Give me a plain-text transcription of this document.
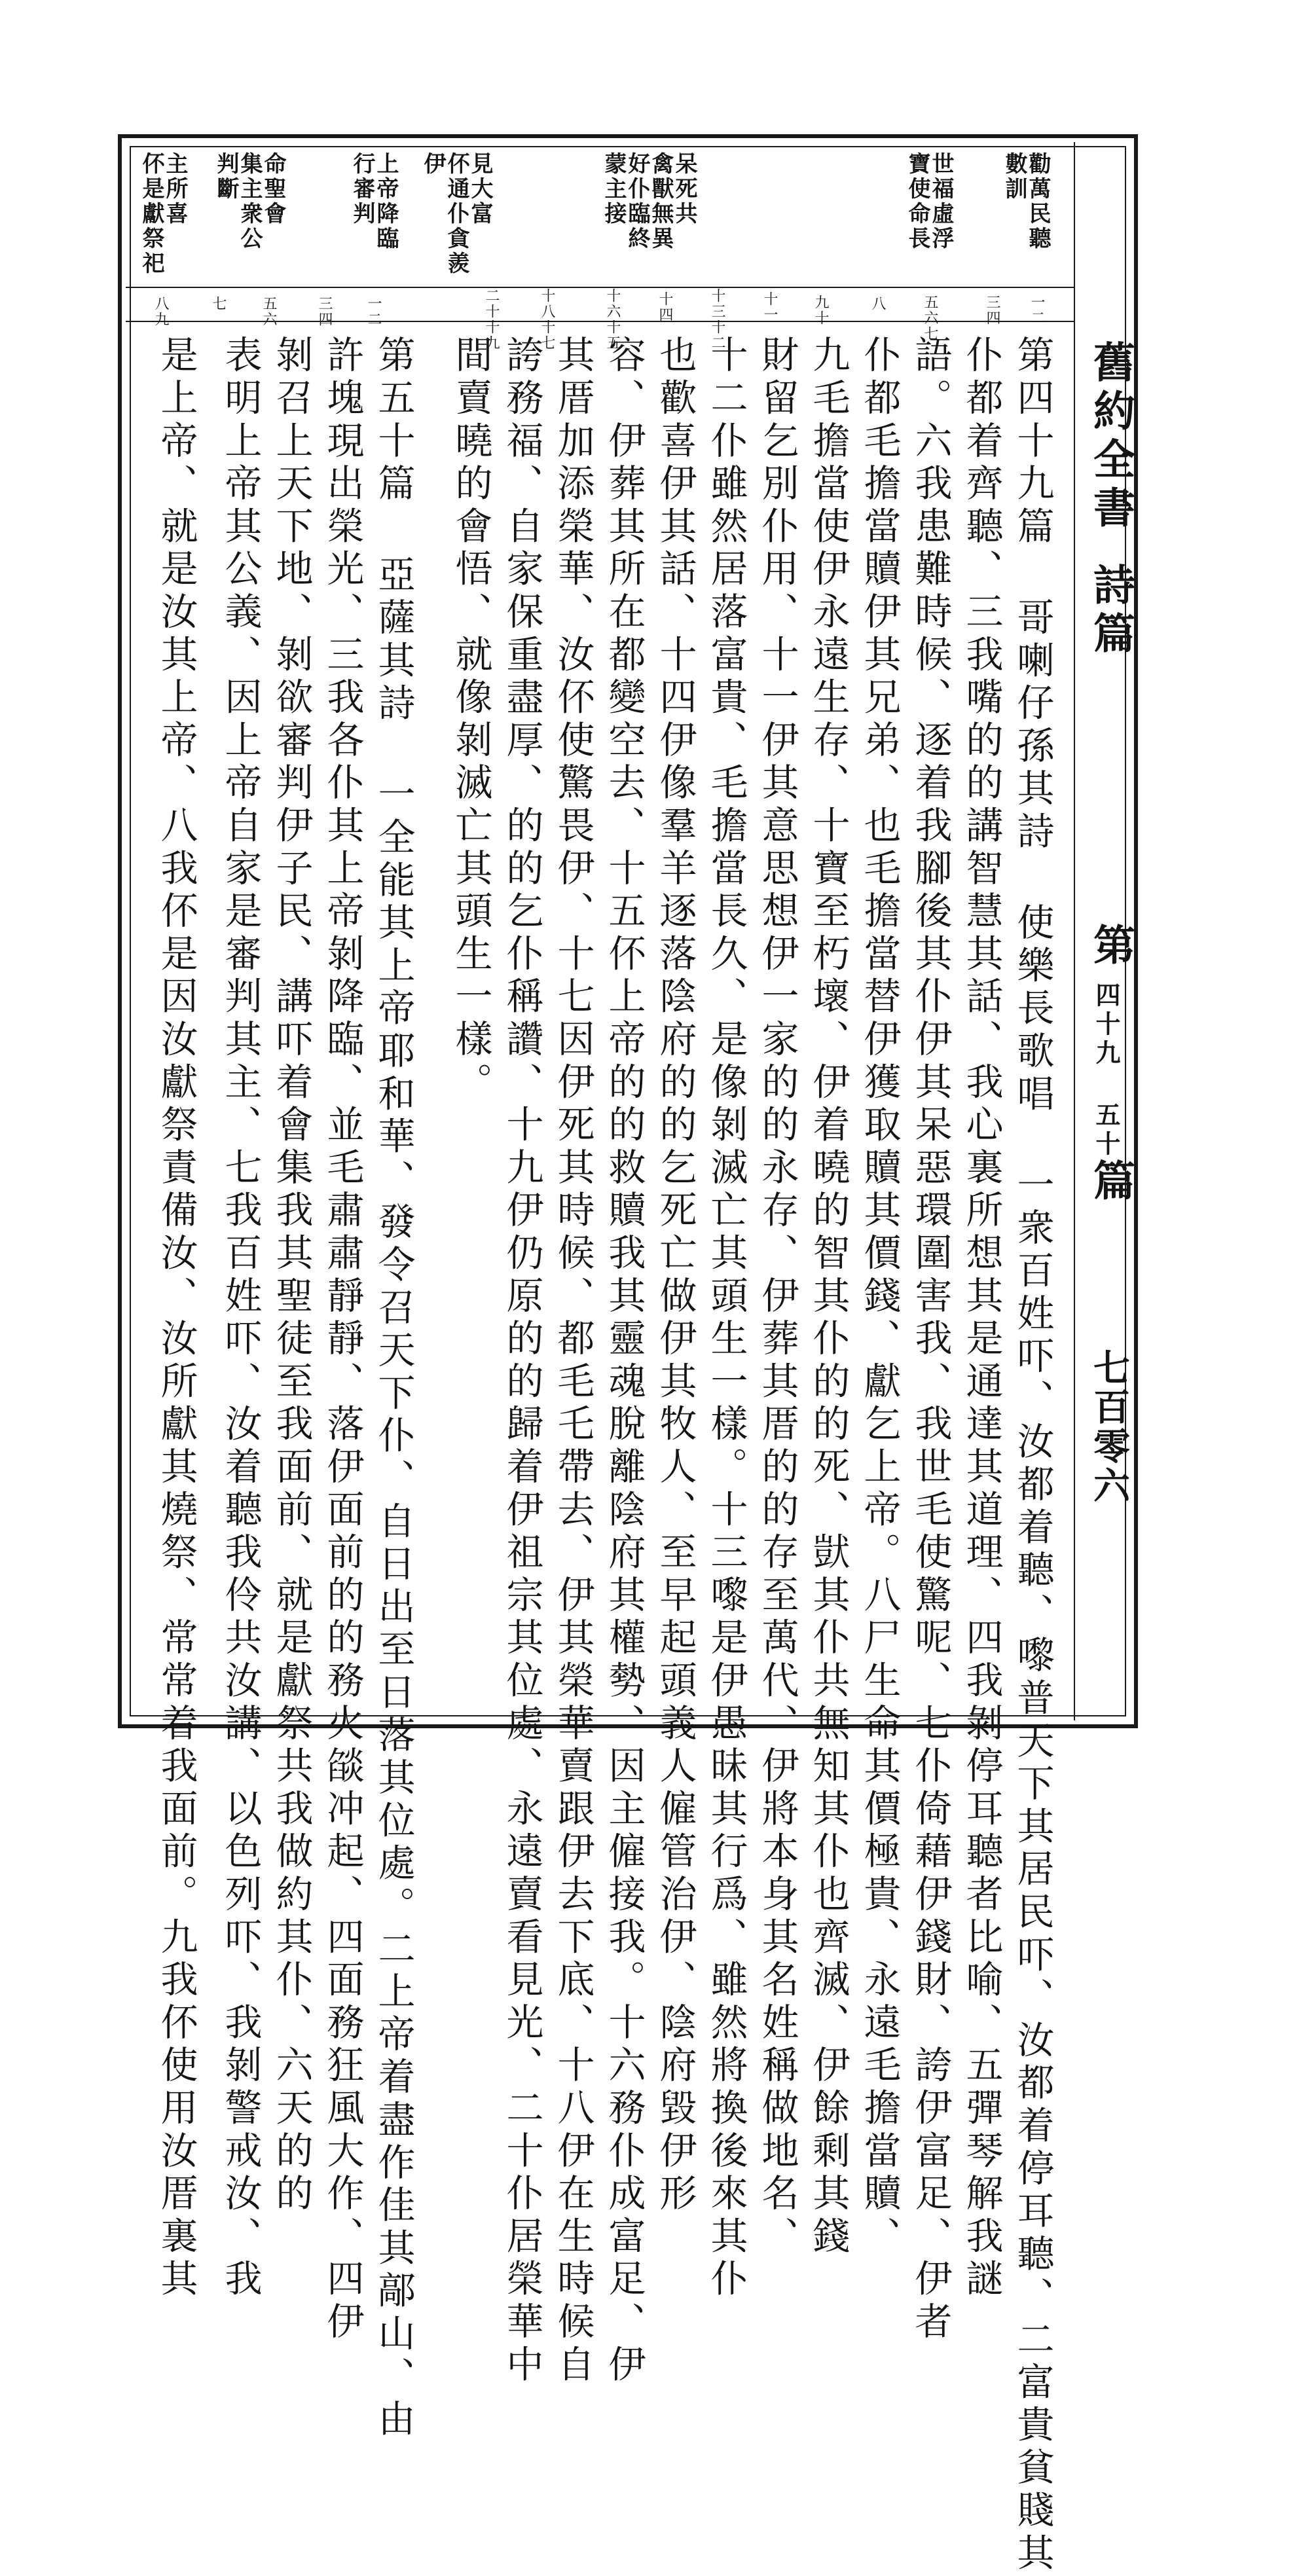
舊約全書
詩篇
第
四十九 五十
篇
七百零六
勸萬民聽
數訓
世福虛浮
寶使命長
呆死共
禽獸無異
好仆臨終
蒙主接
見大富
伓通仆貪羨
伊
上帝降臨
行審判
命聖會
集主衆公
判斷
主所喜
伓是獻祭祀
一二
三四
五六七
八
九十
十一
十三十二
十四
十六十五
十八十七
二十十九
一二
三四
五六
七
八九
第四十九篇 哥喇仔孫其詩 使樂長歌唱 一衆百姓吓、汝都着聽、嚟普天下其居民吓、汝都着停耳聽、二富貴貧賤其
仆都着齊聽、三我嘴的的講智慧其話、我心裏所想其是通達其道理、四我剝停耳聽者比喻、五彈琴解我謎
語。六我患難時候、逐着我腳後其仆伊其呆惡環圍害我、我世毛使驚呢、七仆倚藉伊錢財、誇伊富足、伊者
仆都毛擔當贖伊其兄弟、也毛擔當替伊獲取贖其價錢、獻乞上帝。八尸生命其價極貴、永遠毛擔當贖、
九毛擔當使伊永遠生存、十寶至朽壞、伊着曉的智其仆的的死、獃其仆共無知其仆也齊滅、伊餘剩其錢
財留乞別仆用、十一伊其意思想伊一家的的永存、伊葬其厝的的存至萬代、伊將本身其名姓稱做地名、
十二仆雖然居落富貴、毛擔當長久、是像剝滅亡其頭生一樣。十三嚟是伊愚昧其行爲、雖然將換後來其仆
也歡喜伊其話、十四伊像羣羊逐落陰府的的乞死亡做伊其牧人、至早起頭義人僱管治伊、陰府毀伊形
容、伊葬其所在都變空去、十五伓上帝的的救贖我其靈魂脫離陰府其權勢、因主僱接我。十六務仆成富足、伊
其厝加添榮華、汝伓使驚畏伊、十七因伊死其時候、都毛乇帶去、伊其榮華賣跟伊去下底、十八伊在生時候自
誇務福、自家保重盡厚、的的乞仆稱讚、十九伊仍原的的歸着伊祖宗其位處、永遠賣看見光、二十仆居榮華中
間賣曉的會悟、就像剝滅亡其頭生一樣。
第五十篇 亞薩其詩 一全能其上帝耶和華、發令召天下仆、自日出至日落其位處。二上帝着盡作佳其鄗山、由
許塊現出榮光、三我各仆其上帝剝降臨、並毛肅肅靜靜、落伊面前的的務火燄冲起、四面務狂風大作、四伊
剝召上天下地、剝欲審判伊子民、講吓着會集我其聖徒至我面前、就是獻祭共我做約其仆、六天的的
表明上帝其公義、因上帝自家是審判其主、七我百姓吓、汝着聽我伶共汝講、以色列吓、我剝警戒汝、我
是上帝、就是汝其上帝、八我伓是因汝獻祭責備汝、汝所獻其燒祭、常常着我面前。九我伓使用汝厝裏其
